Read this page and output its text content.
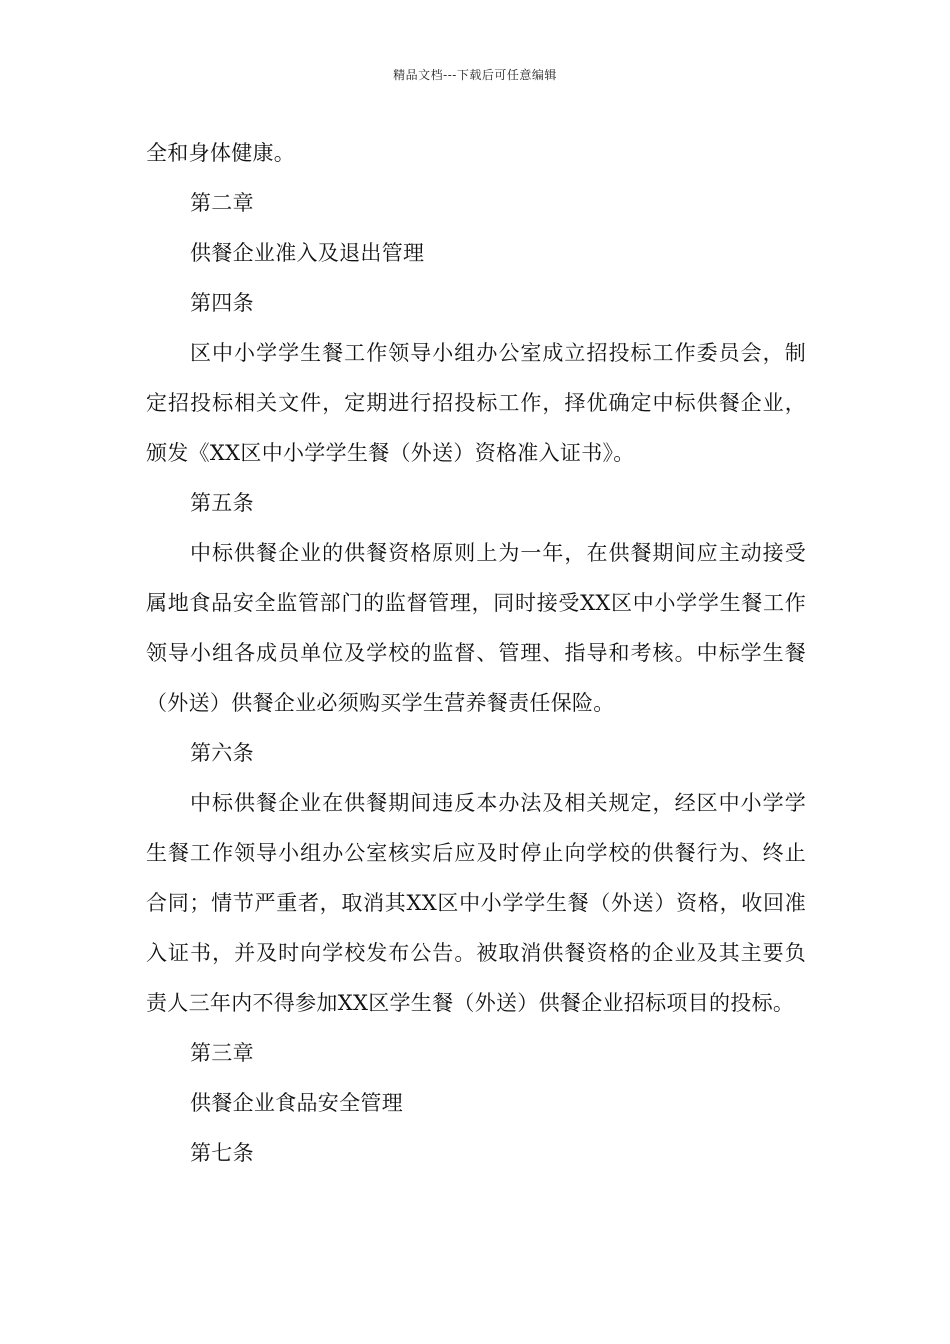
精品文档---下载后可任意编辑

全和身体健康。

第二章

供餐企业准入及退出管理

第四条

区中小学学生餐工作领导小组办公室成立招投标工作委员会，制定招投标相关文件，定期进行招投标工作，择优确定中标供餐企业，颁发《XX区中小学学生餐（外送）资格准入证书》。

第五条

中标供餐企业的供餐资格原则上为一年，在供餐期间应主动接受属地食品安全监管部门的监督管理，同时接受XX区中小学学生餐工作领导小组各成员单位及学校的监督、管理、指导和考核。中标学生餐（外送）供餐企业必须购买学生营养餐责任保险。

第六条

中标供餐企业在供餐期间违反本办法及相关规定，经区中小学学生餐工作领导小组办公室核实后应及时停止向学校的供餐行为、终止合同；情节严重者，取消其XX区中小学学生餐（外送）资格，收回准入证书，并及时向学校发布公告。被取消供餐资格的企业及其主要负责人三年内不得参加XX区学生餐（外送）供餐企业招标项目的投标。

第三章

供餐企业食品安全管理

第七条
